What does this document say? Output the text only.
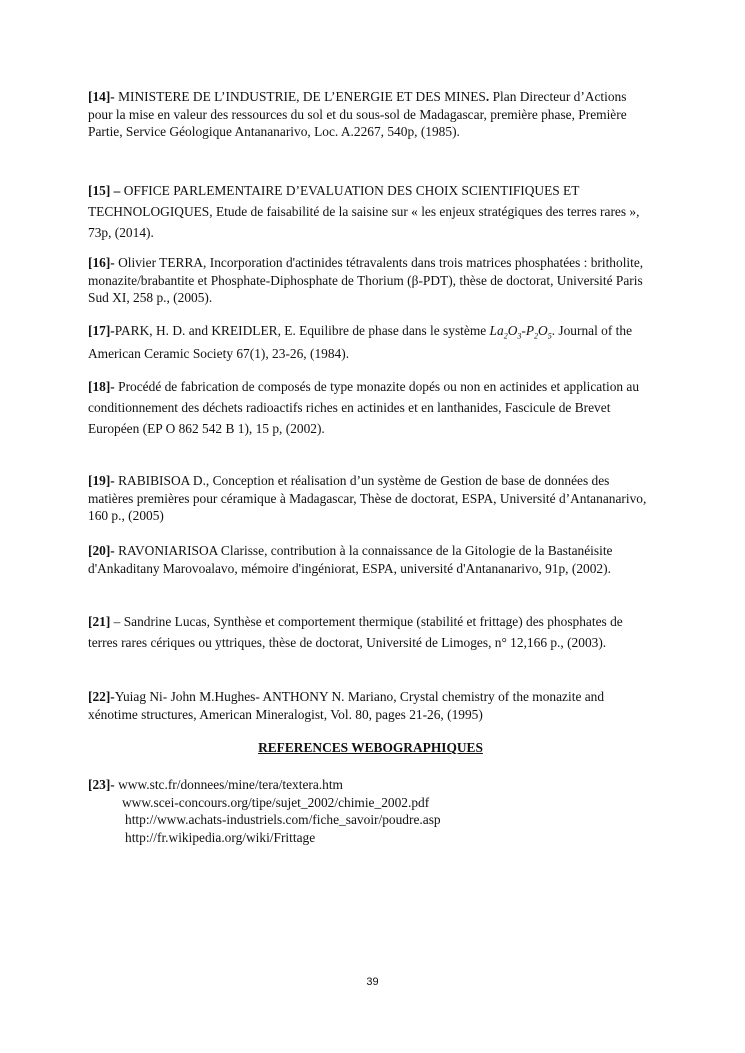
[14]- MINISTERE DE L’INDUSTRIE, DE L’ENERGIE ET DES MINES. Plan Directeur d’Actions pour la mise en valeur des ressources du sol et du sous-sol de Madagascar, première phase, Première Partie, Service Géologique Antananarivo, Loc. A.2267, 540p, (1985).

[15] – OFFICE PARLEMENTAIRE D’EVALUATION DES CHOIX SCIENTIFIQUES ET TECHNOLOGIQUES, Etude de faisabilité de la saisine sur « les enjeux stratégiques des terres rares », 73p, (2014).

[16]- Olivier TERRA, Incorporation d'actinides tétravalents dans trois matrices phosphatées : britholite, monazite/brabantite et Phosphate-Diphosphate de Thorium (β-PDT), thèse de doctorat, Université Paris Sud XI, 258 p., (2005).

[17]-PARK, H. D. and KREIDLER, E. Equilibre de phase dans le système $La_2O_3-P_2O_5$. Journal of the American Ceramic Society 67(1), 23-26, (1984).

[18]- Procédé de fabrication de composés de type monazite dopés ou non en actinides et application au conditionnement des déchets radioactifs riches en actinides et en lanthanides, Fascicule de Brevet Européen (EP O 862 542 B 1), 15 p, (2002).

[19]- RABIBISOA D., Conception et réalisation d’un système de Gestion de base de données des matières premières pour céramique à Madagascar, Thèse de doctorat, ESPA, Université d’Antananarivo, 160 p., (2005)

[20]- RAVONIARISOA Clarisse, contribution à la connaissance de la Gitologie de la Bastanéisite d'Ankaditany Marovoalavo, mémoire d'ingéniorat, ESPA, université d'Antananarivo, 91p, (2002).

[21] – Sandrine Lucas, Synthèse et comportement thermique (stabilité et frittage) des phosphates de terres rares cériques ou yttriques, thèse de doctorat, Université de Limoges, n° 12,166 p., (2003).

[22]-Yuiag Ni- John M.Hughes- ANTHONY N. Mariano, Crystal chemistry of the monazite and xénotime structures, American Mineralogist, Vol. 80, pages 21-26, (1995)

REFERENCES WEBOGRAPHIQUES
[23]- www.stc.fr/donnees/mine/tera/textera.htm
www.scei-concours.org/tipe/sujet_2002/chimie_2002.pdf
http://www.achats-industriels.com/fiche_savoir/poudre.asp
http://fr.wikipedia.org/wiki/Frittage
39
